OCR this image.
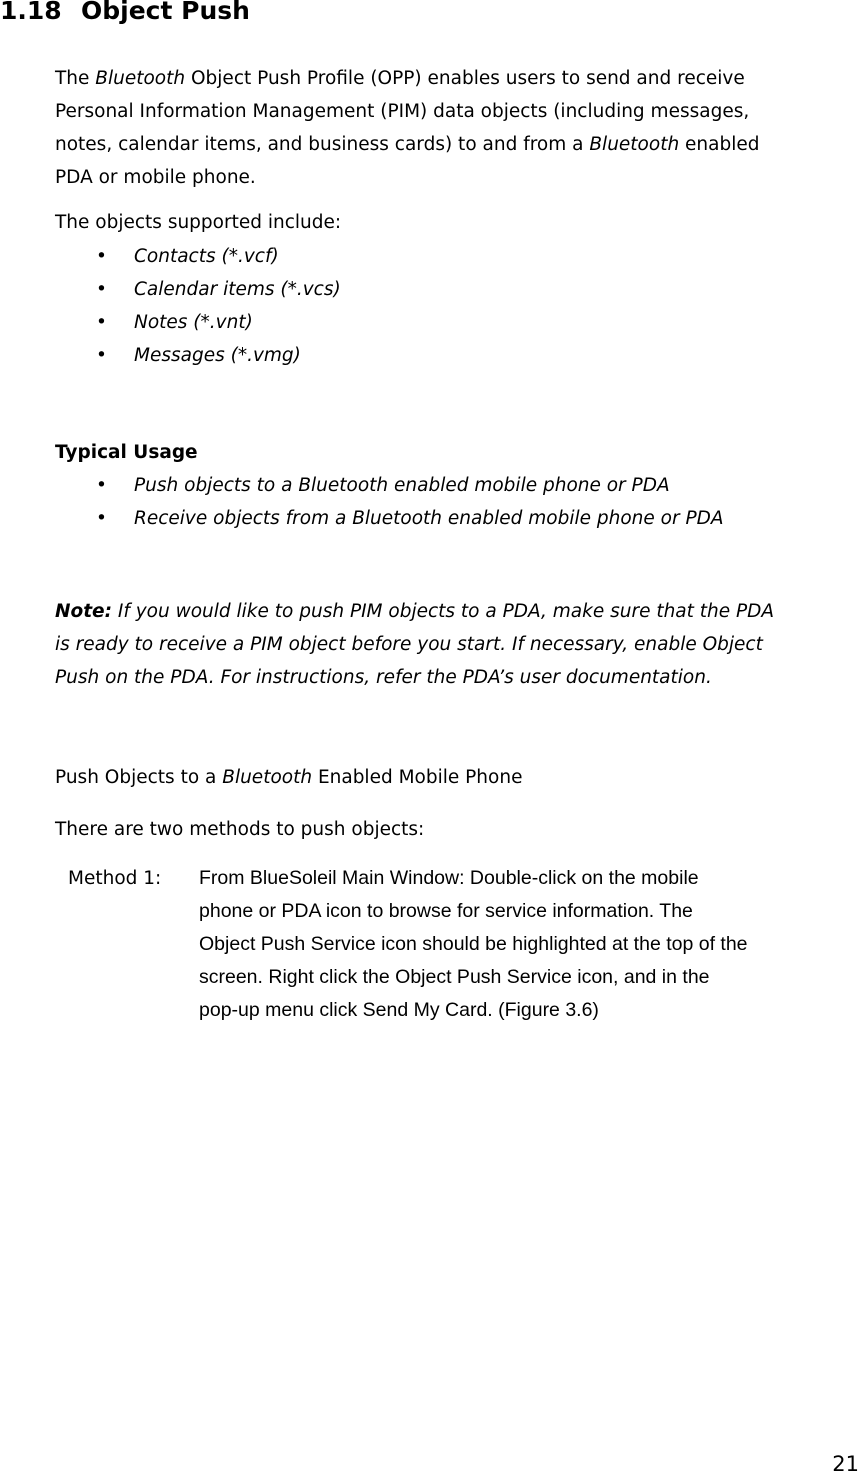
1.18 Object Push
The Bluetooth Object Push Profile (OPP) enables users to send and receive
Personal Information Management (PIM) data objects (including messages,
notes, calendar items, and business cards) to and from a Bluetooth enabled
PDA or mobile phone.
The objects supported include:
• Contacts (*.vcf)
• Calendar items (*.vcs)
• Notes (*.vnt)
• Messages (*.vmg)
Typical Usage
• Push objects to a Bluetooth enabled mobile phone or PDA
• Receive objects from a Bluetooth enabled mobile phone or PDA
Note: If you would like to push PIM objects to a PDA, make sure that the PDA
is ready to receive a PIM object before you start. If necessary, enable Object
Push on the PDA. For instructions, refer the PDA’s user documentation.
Push Objects to a Bluetooth Enabled Mobile Phone
There are two methods to push objects:
Method 1: From BlueSoleil Main Window: Double-click on the mobile
phone or PDA icon to browse for service information. The
Object Push Service icon should be highlighted at the top of the
screen. Right click the Object Push Service icon, and in the
pop-up menu click Send My Card. (Figure 3.6)
21
